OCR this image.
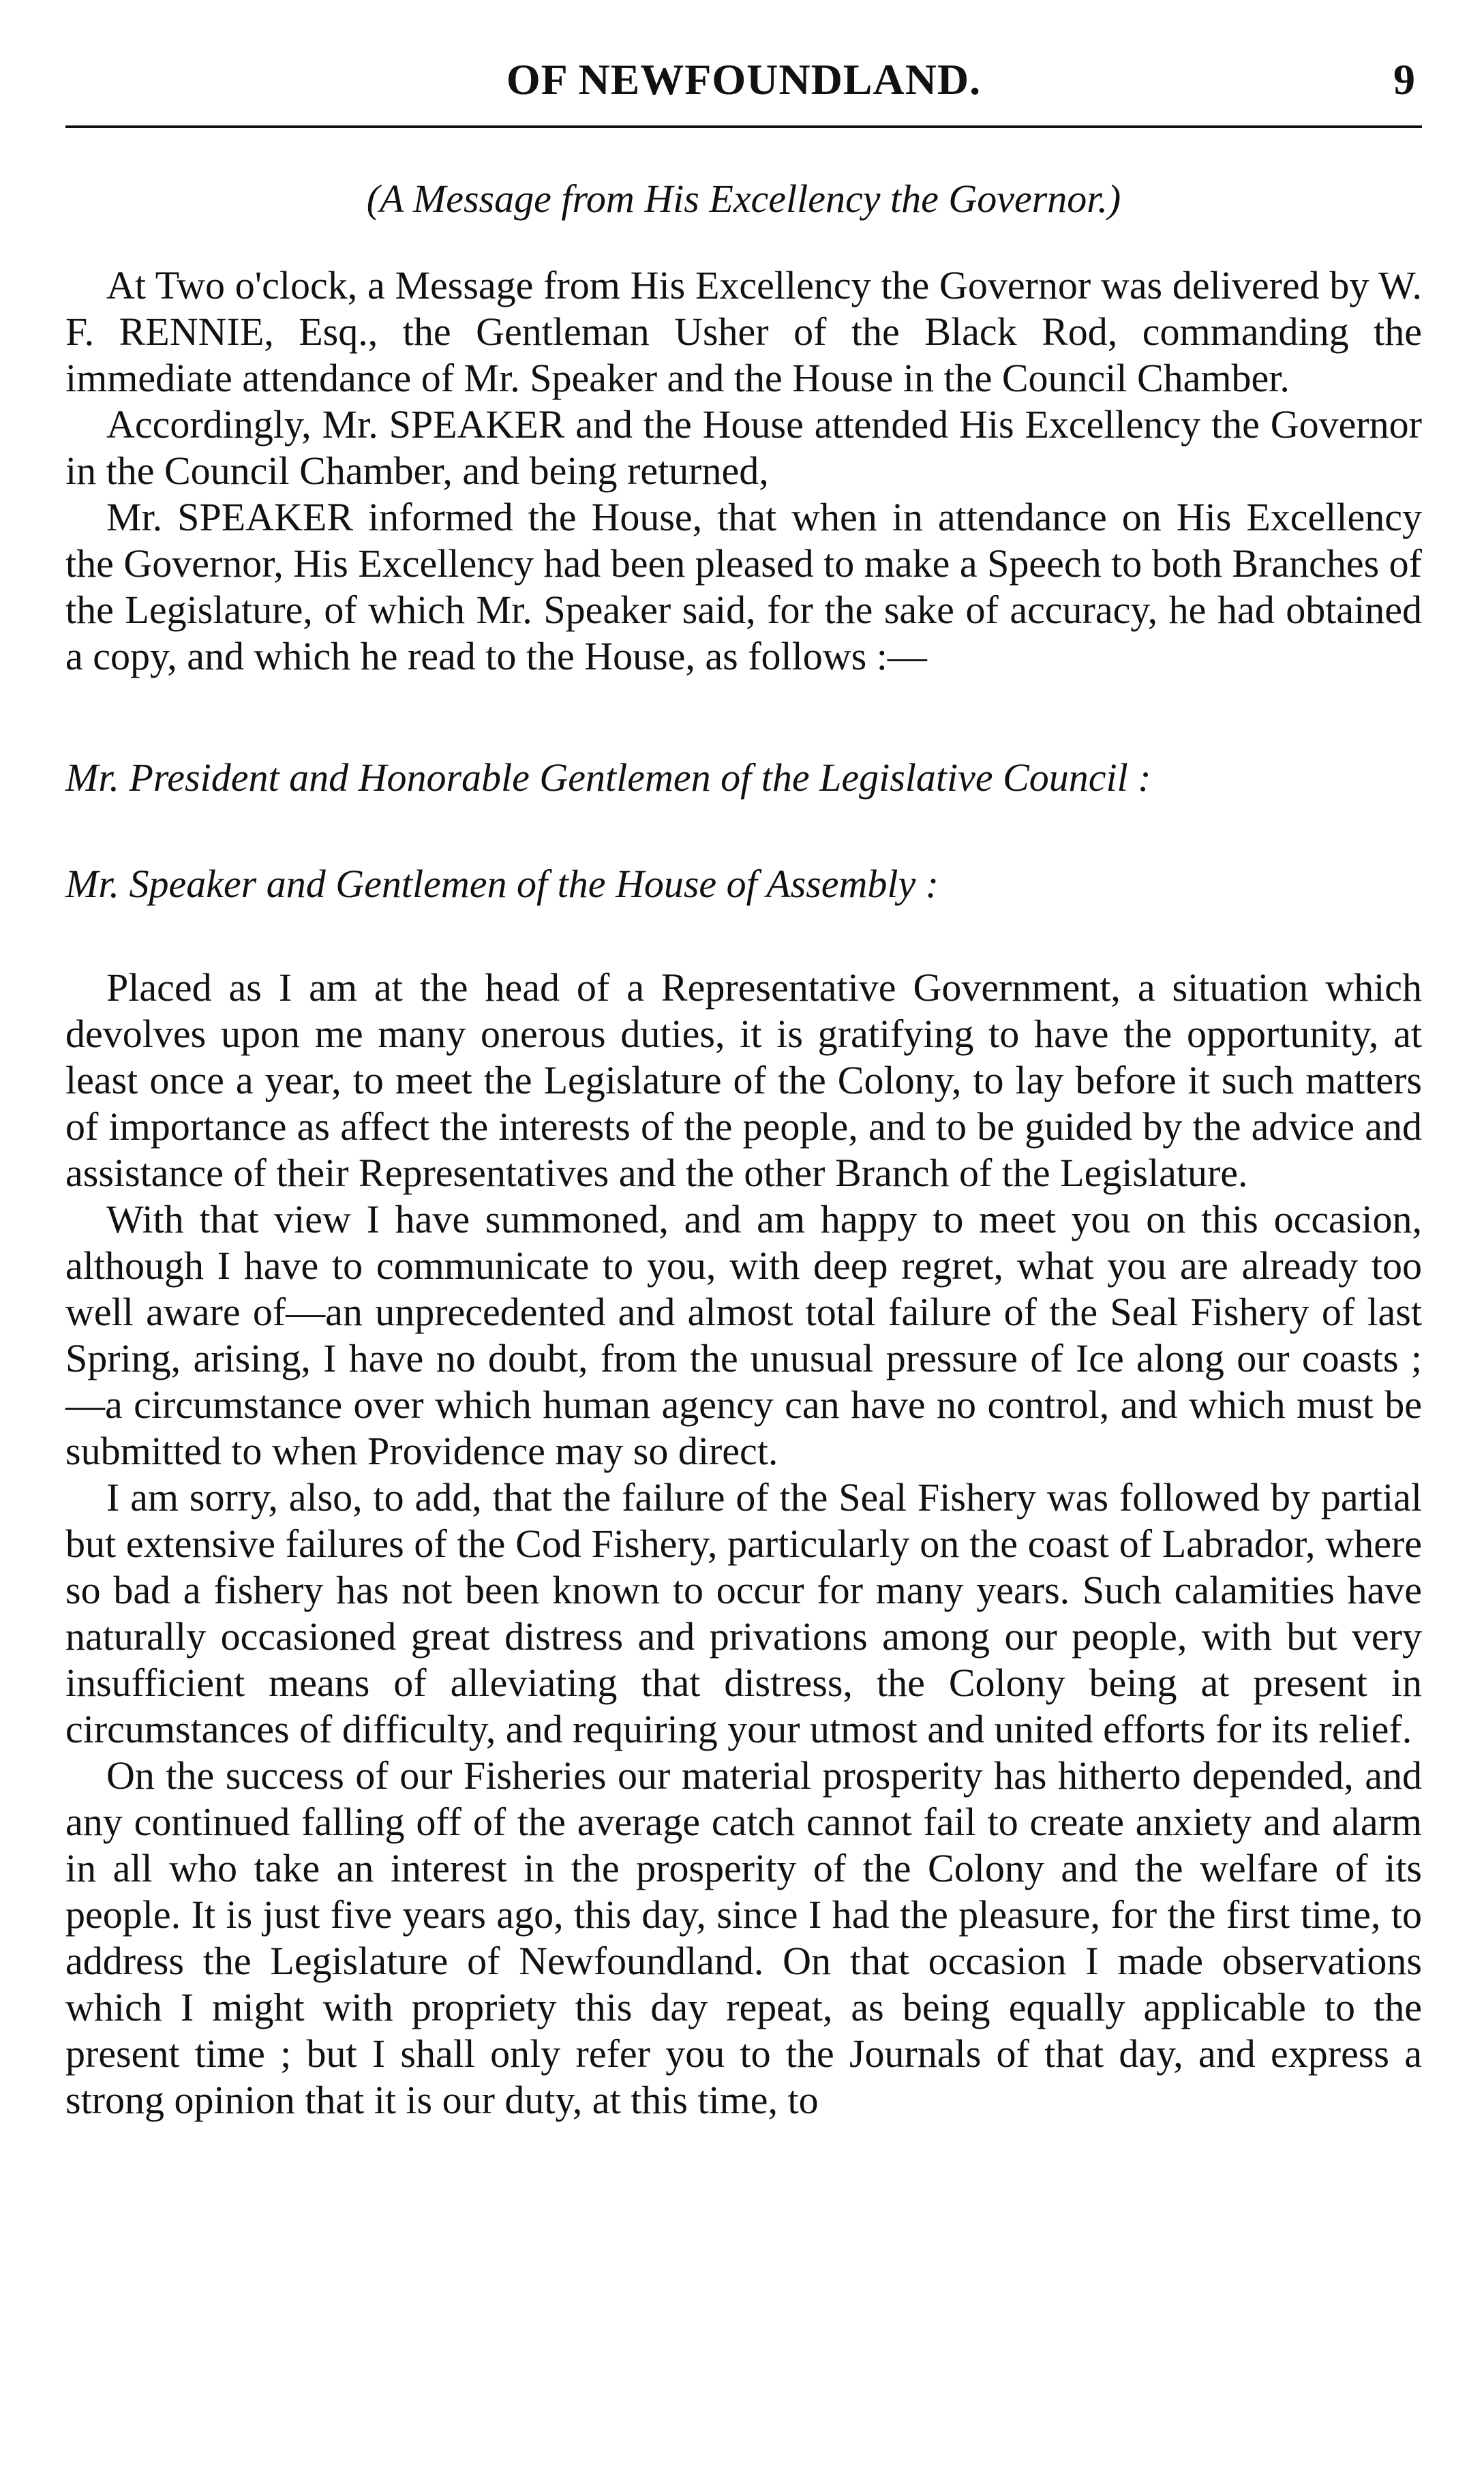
OF NEWFOUNDLAND.	9
(A Message from His Excellency the Governor.)

At Two o'clock, a Message from His Excellency the Governor was delivered by W. F. RENNIE, Esq., the Gentleman Usher of the Black Rod, commanding the immediate attendance of Mr. Speaker and the House in the Council Chamber.

Accordingly, Mr. SPEAKER and the House attended His Excellency the Governor in the Council Chamber, and being returned,

Mr. SPEAKER informed the House, that when in attendance on His Excellency the Governor, His Excellency had been pleased to make a Speech to both Branches of the Legislature, of which Mr. Speaker said, for the sake of accuracy, he had obtained a copy, and which he read to the House, as follows :—

Mr. President and Honorable Gentlemen of the Legislative Council :

Mr. Speaker and Gentlemen of the House of Assembly :

Placed as I am at the head of a Representative Government, a situation which devolves upon me many onerous duties, it is gratifying to have the opportunity, at least once a year, to meet the Legislature of the Colony, to lay before it such matters of importance as affect the interests of the people, and to be guided by the advice and assistance of their Representatives and the other Branch of the Legislature.

With that view I have summoned, and am happy to meet you on this occasion, although I have to communicate to you, with deep regret, what you are already too well aware of—an unprecedented and almost total failure of the Seal Fishery of last Spring, arising, I have no doubt, from the unusual pressure of Ice along our coasts ;—a circumstance over which human agency can have no control, and which must be submitted to when Providence may so direct.

I am sorry, also, to add, that the failure of the Seal Fishery was followed by partial but extensive failures of the Cod Fishery, particularly on the coast of Labrador, where so bad a fishery has not been known to occur for many years. Such calamities have naturally occasioned great distress and privations among our people, with but very insufficient means of alleviating that distress, the Colony being at present in circumstances of difficulty, and requiring your utmost and united efforts for its relief.

On the success of our Fisheries our material prosperity has hitherto depended, and any continued falling off of the average catch cannot fail to create anxiety and alarm in all who take an interest in the prosperity of the Colony and the welfare of its people. It is just five years ago, this day, since I had the pleasure, for the first time, to address the Legislature of Newfoundland. On that occasion I made observations which I might with propriety this day repeat, as being equally applicable to the present time ; but I shall only refer you to the Journals of that day, and express a strong opinion that it is our duty, at this time, to
